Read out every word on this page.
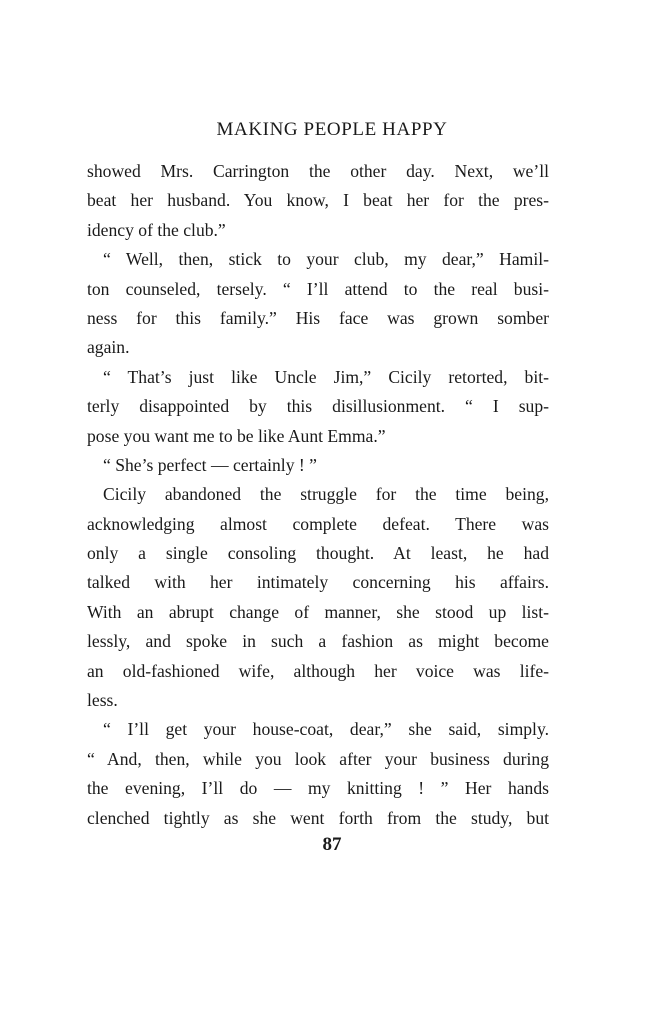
MAKING PEOPLE HAPPY
showed Mrs. Carrington the other day. Next, we’ll
beat her husband. You know, I beat her for the pres-
idency of the club.”
“ Well, then, stick to your club, my dear,” Hamil-
ton counseled, tersely. “ I’ll attend to the real busi-
ness for this family.” His face was grown somber
again.
“ That’s just like Uncle Jim,” Cicily retorted, bit-
terly disappointed by this disillusionment. “ I sup-
pose you want me to be like Aunt Emma.”
“ She’s perfect — certainly ! ”
Cicily abandoned the struggle for the time being,
acknowledging almost complete defeat. There was
only a single consoling thought. At least, he had
talked with her intimately concerning his affairs.
With an abrupt change of manner, she stood up list-
lessly, and spoke in such a fashion as might become
an old-fashioned wife, although her voice was life-
less.
“ I’ll get your house-coat, dear,” she said, simply.
“ And, then, while you look after your business during
the evening, I’ll do — my knitting ! ” Her hands
clenched tightly as she went forth from the study, but
87
